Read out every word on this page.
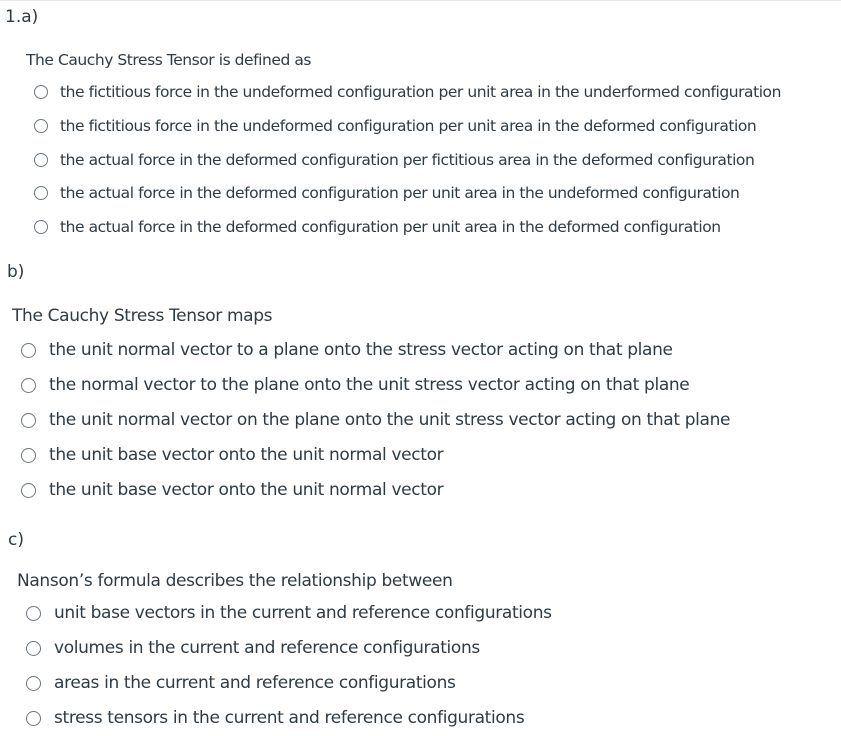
1.a)
The Cauchy Stress Tensor is defined as
the fictitious force in the undeformed configuration per unit area in the underformed configuration
the fictitious force in the undeformed configuration per unit area in the deformed configuration
the actual force in the deformed configuration per fictitious area in the deformed configuration
the actual force in the deformed configuration per unit area in the undeformed configuration
the actual force in the deformed configuration per unit area in the deformed configuration
b)
The Cauchy Stress Tensor maps
the unit normal vector to a plane onto the stress vector acting on that plane
the normal vector to the plane onto the unit stress vector acting on that plane
the unit normal vector on the plane onto the unit stress vector acting on that plane
the unit base vector onto the unit normal vector
the unit base vector onto the unit normal vector
c)
Nanson’s formula describes the relationship between
unit base vectors in the current and reference configurations
volumes in the current and reference configurations
areas in the current and reference configurations
stress tensors in the current and reference configurations
